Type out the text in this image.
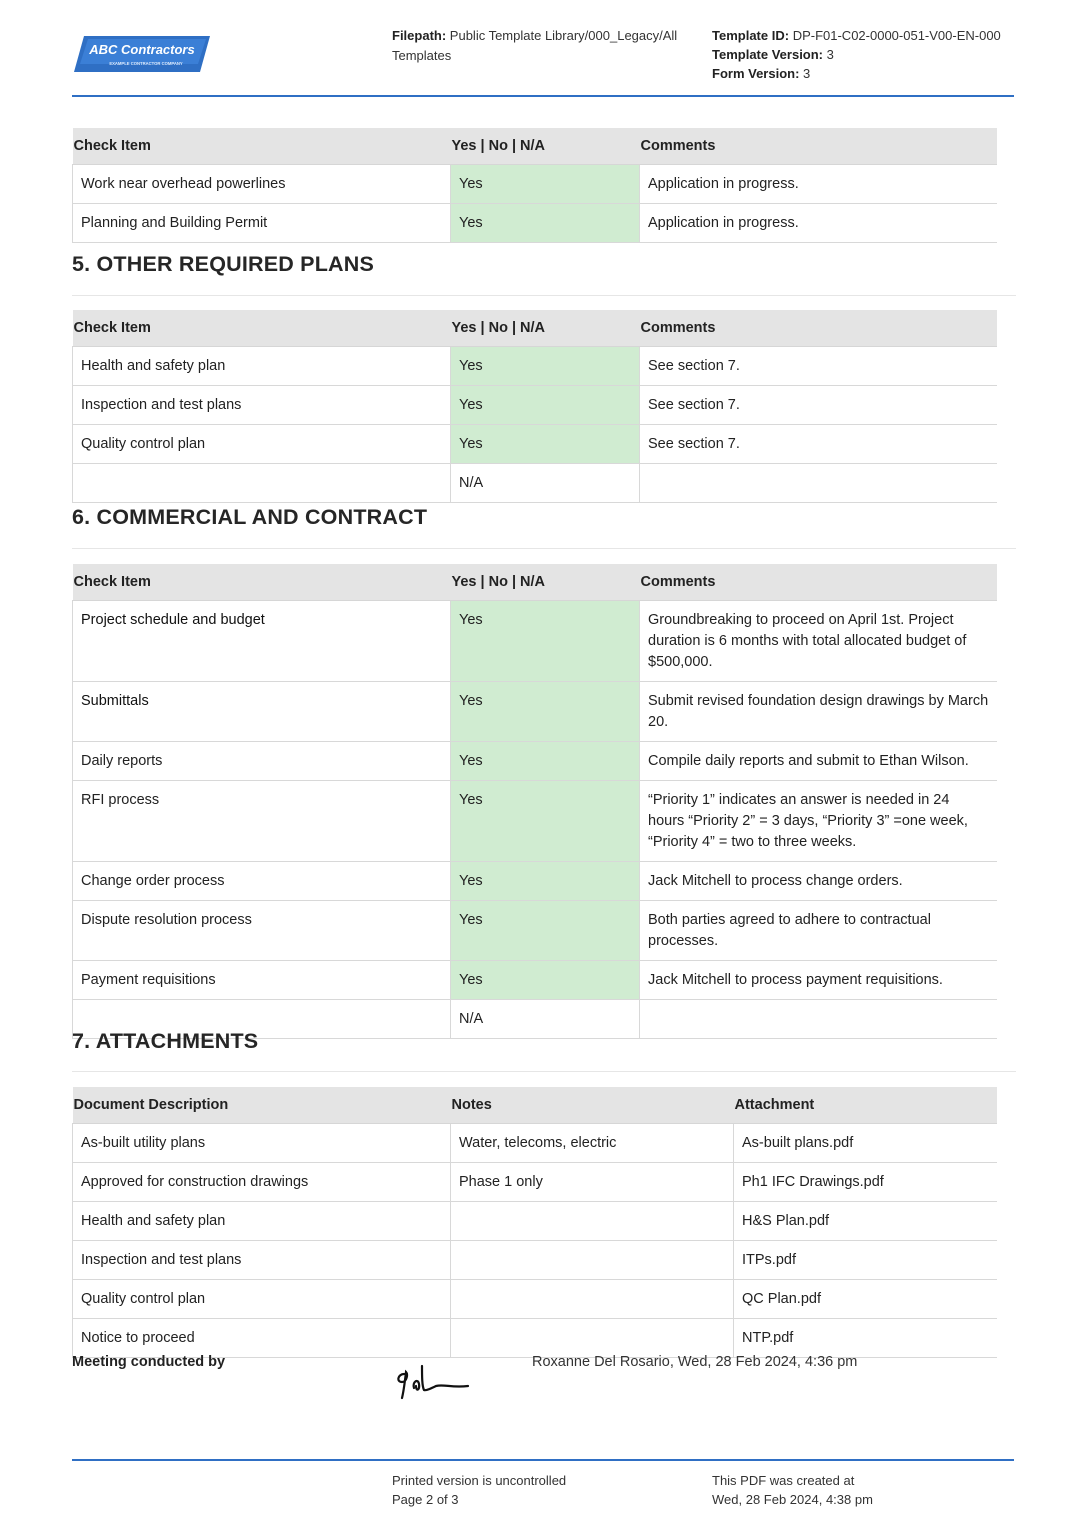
ABC Contractors
EXAMPLE CONTRACTOR COMPANY
Filepath: Public Template Library/000_Legacy/All Templates
Template ID: DP-F01-C02-0000-051-V00-EN-000
Template Version: 3
Form Version: 3
Check Item	Yes | No | N/A	Comments
Work near overhead powerlines	Yes	Application in progress.
Planning and Building Permit	Yes	Application in progress.
5. OTHER REQUIRED PLANS
Check Item	Yes | No | N/A	Comments
Health and safety plan	Yes	See section 7.
Inspection and test plans	Yes	See section 7.
Quality control plan	Yes	See section 7.
	N/A	
6. COMMERCIAL AND CONTRACT
Check Item	Yes | No | N/A	Comments
Project schedule and budget	Yes	Groundbreaking to proceed on April 1st. Project duration is 6 months with total allocated budget of $500,000.
Submittals	Yes	Submit revised foundation design drawings by March 20.
Daily reports	Yes	Compile daily reports and submit to Ethan Wilson.
RFI process	Yes	“Priority 1” indicates an answer is needed in 24 hours “Priority 2” = 3 days, “Priority 3” =one week, “Priority 4” = two to three weeks.
Change order process	Yes	Jack Mitchell to process change orders.
Dispute resolution process	Yes	Both parties agreed to adhere to contractual processes.
Payment requisitions	Yes	Jack Mitchell to process payment requisitions.
	N/A	
7. ATTACHMENTS
Document Description	Notes	Attachment
As-built utility plans	Water, telecoms, electric	As-built plans.pdf
Approved for construction drawings	Phase 1 only	Ph1 IFC Drawings.pdf
Health and safety plan		H&S Plan.pdf
Inspection and test plans		ITPs.pdf
Quality control plan		QC Plan.pdf
Notice to proceed		NTP.pdf
Meeting conducted by	Roxanne Del Rosario, Wed, 28 Feb 2024, 4:36 pm
Printed version is uncontrolled
Page 2 of 3
This PDF was created at
Wed, 28 Feb 2024, 4:38 pm
